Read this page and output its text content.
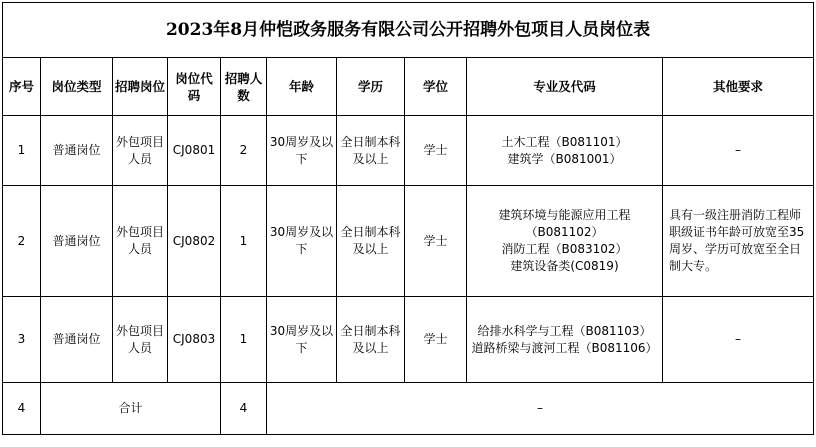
2023年8月仲恺政务服务有限公司公开招聘外包项目人员岗位表									
序号	岗位类型	招聘岗位	岗位代码	招聘人数	年龄	学历	学位	专业及代码	其他要求
1	普通岗位	外包项目人员	CJ0801	2	30周岁及以下	全日制本科及以上	学士	土木工程（B081101）
建筑学（B081001）	–
2	普通岗位	外包项目人员	CJ0802	1	30周岁及以下	全日制本科及以上	学士	建筑环境与能源应用工程
（B081102）
消防工程（B083102）
建筑设备类(C0819)	具有一级注册消防工程师职级证书年龄可放宽至35周岁、学历可放宽至全日制大专。
3	普通岗位	外包项目人员	CJ0803	1	30周岁及以下	全日制本科及以上	学士	给排水科学与工程（B081103）
道路桥梁与渡河工程（B081106）	–
4	合计			4	–				
